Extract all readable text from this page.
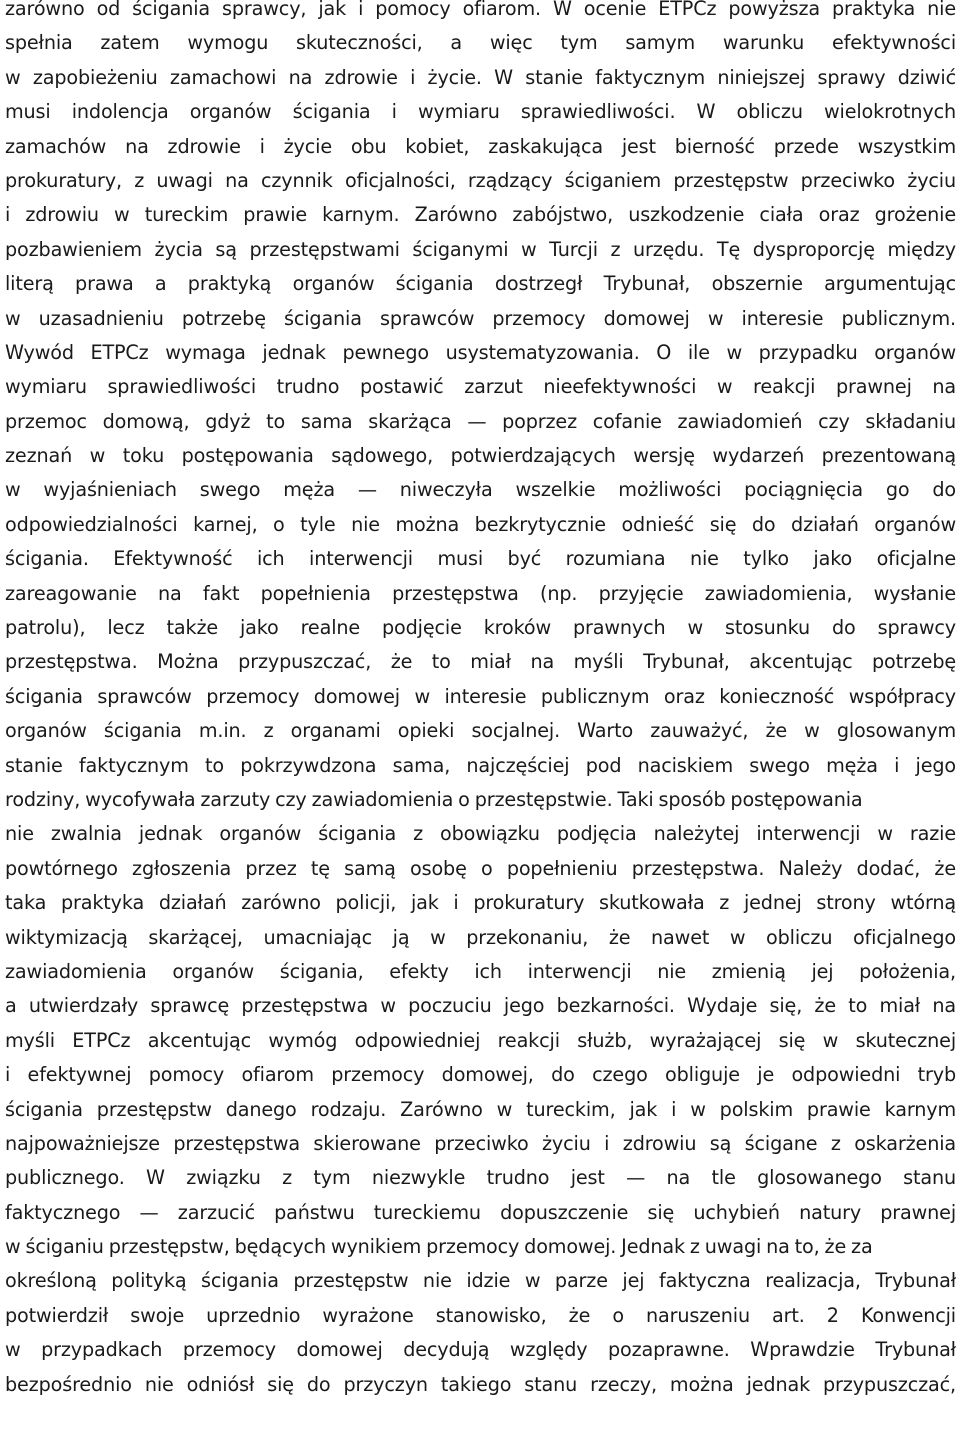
zarówno od ścigania sprawcy, jak i pomocy ofiarom. W ocenie ETPCz powyższa praktyka nie
spełnia zatem wymogu skuteczności, a więc tym samym warunku efektywności
w zapobieżeniu zamachowi na zdrowie i życie. W stanie faktycznym niniejszej sprawy dziwić
musi indolencja organów ścigania i wymiaru sprawiedliwości. W obliczu wielokrotnych
zamachów na zdrowie i życie obu kobiet, zaskakująca jest bierność przede wszystkim
prokuratury, z uwagi na czynnik oficjalności, rządzący ściganiem przestępstw przeciwko życiu
i zdrowiu w tureckim prawie karnym. Zarówno zabójstwo, uszkodzenie ciała oraz grożenie
pozbawieniem życia są przestępstwami ściganymi w Turcji z urzędu. Tę dysproporcję między
literą prawa a praktyką organów ścigania dostrzegł Trybunał, obszernie argumentując
w uzasadnieniu potrzebę ścigania sprawców przemocy domowej w interesie publicznym.
Wywód ETPCz wymaga jednak pewnego usystematyzowania. O ile w przypadku organów
wymiaru sprawiedliwości trudno postawić zarzut nieefektywności w reakcji prawnej na
przemoc domową, gdyż to sama skarżąca — poprzez cofanie zawiadomień czy składaniu
zeznań w toku postępowania sądowego, potwierdzających wersję wydarzeń prezentowaną
w wyjaśnieniach swego męża — niweczyła wszelkie możliwości pociągnięcia go do
odpowiedzialności karnej, o tyle nie można bezkrytycznie odnieść się do działań organów
ścigania. Efektywność ich interwencji musi być rozumiana nie tylko jako oficjalne
zareagowanie na fakt popełnienia przestępstwa (np. przyjęcie zawiadomienia, wysłanie
patrolu), lecz także jako realne podjęcie kroków prawnych w stosunku do sprawcy
przestępstwa. Można przypuszczać, że to miał na myśli Trybunał, akcentując potrzebę
ścigania sprawców przemocy domowej w interesie publicznym oraz konieczność współpracy
organów ścigania m.in. z organami opieki socjalnej. Warto zauważyć, że w glosowanym
stanie faktycznym to pokrzywdzona sama, najczęściej pod naciskiem swego męża i jego
rodziny, wycofywała zarzuty czy zawiadomienia o przestępstwie. Taki sposób postępowania
nie zwalnia jednak organów ścigania z obowiązku podjęcia należytej interwencji w razie
powtórnego zgłoszenia przez tę samą osobę o popełnieniu przestępstwa. Należy dodać, że
taka praktyka działań zarówno policji, jak i prokuratury skutkowała z jednej strony wtórną
wiktymizacją skarżącej, umacniając ją w przekonaniu, że nawet w obliczu oficjalnego
zawiadomienia organów ścigania, efekty ich interwencji nie zmienią jej położenia,
a utwierdzały sprawcę przestępstwa w poczuciu jego bezkarności. Wydaje się, że to miał na
myśli ETPCz akcentując wymóg odpowiedniej reakcji służb, wyrażającej się w skutecznej
i efektywnej pomocy ofiarom przemocy domowej, do czego obliguje je odpowiedni tryb
ścigania przestępstw danego rodzaju. Zarówno w tureckim, jak i w polskim prawie karnym
najpoważniejsze przestępstwa skierowane przeciwko życiu i zdrowiu są ścigane z oskarżenia
publicznego. W związku z tym niezwykle trudno jest — na tle glosowanego stanu
faktycznego — zarzucić państwu tureckiemu dopuszczenie się uchybień natury prawnej
w ściganiu przestępstw, będących wynikiem przemocy domowej. Jednak z uwagi na to, że za
określoną polityką ścigania przestępstw nie idzie w parze jej faktyczna realizacja, Trybunał
potwierdził swoje uprzednio wyrażone stanowisko, że o naruszeniu art. 2 Konwencji
w przypadkach przemocy domowej decydują względy pozaprawne. Wprawdzie Trybunał
bezpośrednio nie odniósł się do przyczyn takiego stanu rzeczy, można jednak przypuszczać,
